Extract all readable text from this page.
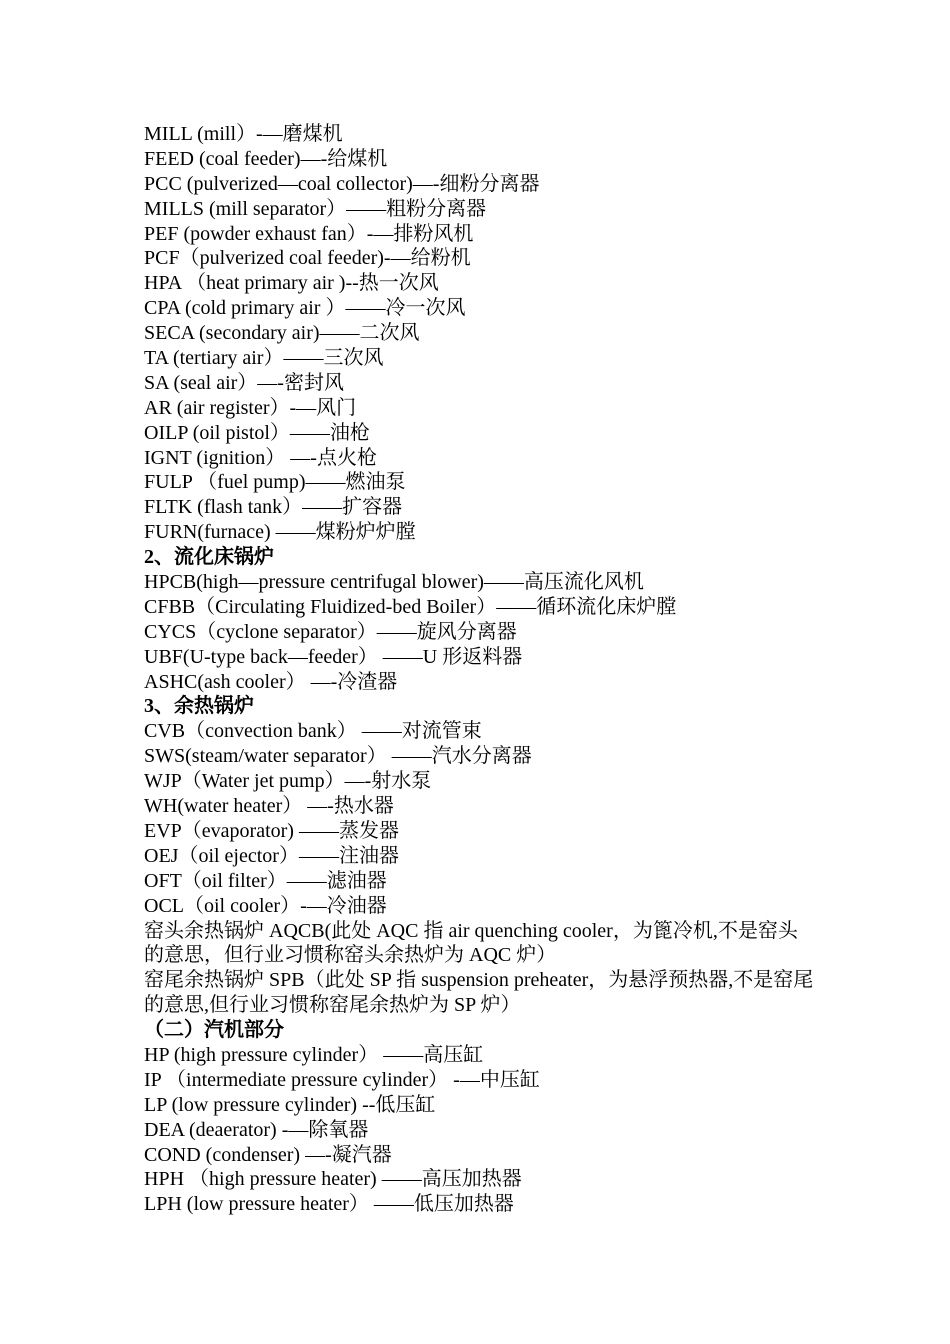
MILL (mill）-—磨煤机
FEED (coal feeder)—-给煤机
PCC (pulverized—coal collector)—-细粉分离器
MILLS (mill separator）——粗粉分离器
PEF (powder exhaust fan）-—排粉风机
PCF（pulverized coal feeder)-—给粉机
HPA （heat primary air )--热一次风
CPA (cold primary air ）——冷一次风
SECA (secondary air)——二次风
TA (tertiary air）——三次风
SA (seal air）—-密封风
AR (air register）-—风门
OILP (oil pistol）——油枪
IGNT (ignition） —-点火枪
FULP （fuel pump)——燃油泵
FLTK (flash tank）——扩容器
FURN(furnace) ——煤粉炉炉膛
2、流化床锅炉
HPCB(high—pressure centrifugal blower)——高压流化风机
CFBB（Circulating Fluidized-bed Boiler）——循环流化床炉膛
CYCS（cyclone separator）——旋风分离器
UBF(U-type back—feeder） ——U 形返料器
ASHC(ash cooler） —-冷渣器
3、余热锅炉
CVB（convection bank） ——对流管束
SWS(steam/water separator） ——汽水分离器
WJP（Water jet pump）—-射水泵
WH(water heater） —-热水器
EVP（evaporator) ——蒸发器
OEJ（oil ejector）——注油器
OFT（oil filter）——滤油器
OCL（oil cooler）-—冷油器
窑头余热锅炉 AQCB(此处 AQC 指 air quenching cooler，为篦冷机,不是窑头的意思，但行业习惯称窑头余热炉为 AQC 炉）
窑尾余热锅炉 SPB（此处 SP 指 suspension preheater，为悬浮预热器,不是窑尾的意思,但行业习惯称窑尾余热炉为 SP 炉）
（二）汽机部分
HP (high pressure cylinder） ——高压缸
IP （intermediate pressure cylinder） -—中压缸
LP (low pressure cylinder) --低压缸
DEA (deaerator) -—除氧器
COND (condenser) —-凝汽器
HPH （high pressure heater) ——高压加热器
LPH (low pressure heater） ——低压加热器
